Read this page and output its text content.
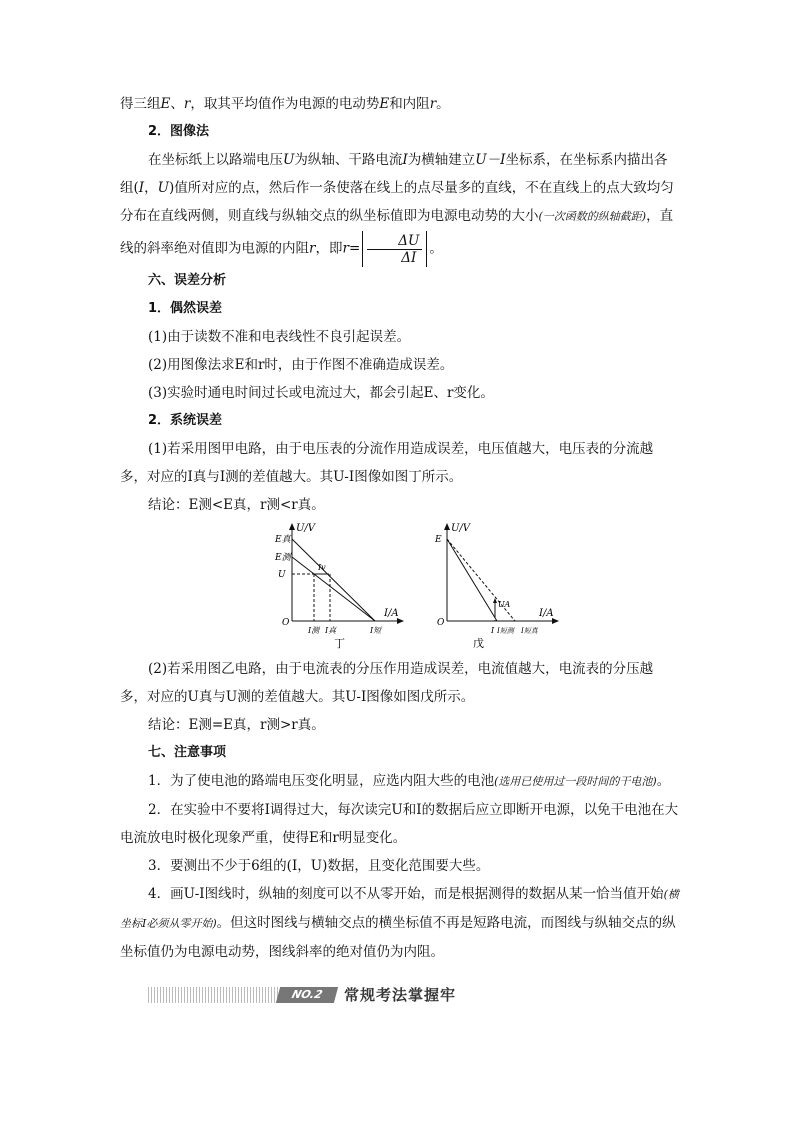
得三组E、r，取其平均值作为电源的电动势E和内阻r。

2．图像法

在坐标纸上以路端电压U为纵轴、干路电流I为横轴建立U－I坐标系，在坐标系内描出各组(I，U)值所对应的点，然后作一条使落在线上的点尽量多的直线，不在直线上的点大致均匀分布在直线两侧，则直线与纵轴交点的纵坐标值即为电源电动势的大小(一次函数的纵轴截距)，直线的斜率绝对值即为电源的内阻r，即$r= \frac{\Delta U}{\Delta I}$ 。

六、误差分析

1．偶然误差

(1)由于读数不准和电表线性不良引起误差。

(2)用图像法求E和r时，由于作图不准确造成误差。

(3)实验时通电时间过长或电流过大，都会引起E、r变化。

2．系统误差

(1)若采用图甲电路，由于电压表的分流作用造成误差，电压值越大，电压表的分流越多，对应的I真与I测的差值越大。其U-I图像如图丁所示。

结论：E测<E真，r测<r真。

U/V
E真
E测
U
Iv
O
I/A
I测 I真	I短
丁
U/V
E
UA
O
I/A
I I短测 I短真
戊

(2)若采用图乙电路，由于电流表的分压作用造成误差，电流值越大，电流表的分压越多，对应的U真与U测的差值越大。其U-I图像如图戊所示。

结论：E测=E真，r测>r真。

七、注意事项

1．为了使电池的路端电压变化明显，应选内阻大些的电池(选用已使用过一段时间的干电池)。

2．在实验中不要将I调得过大，每次读完U和I的数据后应立即断开电源，以免干电池在大电流放电时极化现象严重，使得E和r明显变化。

3．要测出不少于6组的(I，U)数据，且变化范围要大些。

4．画U-I图线时，纵轴的刻度可以不从零开始，而是根据测得的数据从某一恰当值开始(横坐标I必须从零开始)。但这时图线与横轴交点的横坐标值不再是短路电流，而图线与纵轴交点的纵坐标值仍为电源电动势，图线斜率的绝对值仍为内阻。

NO.2	常规考法掌握牢
